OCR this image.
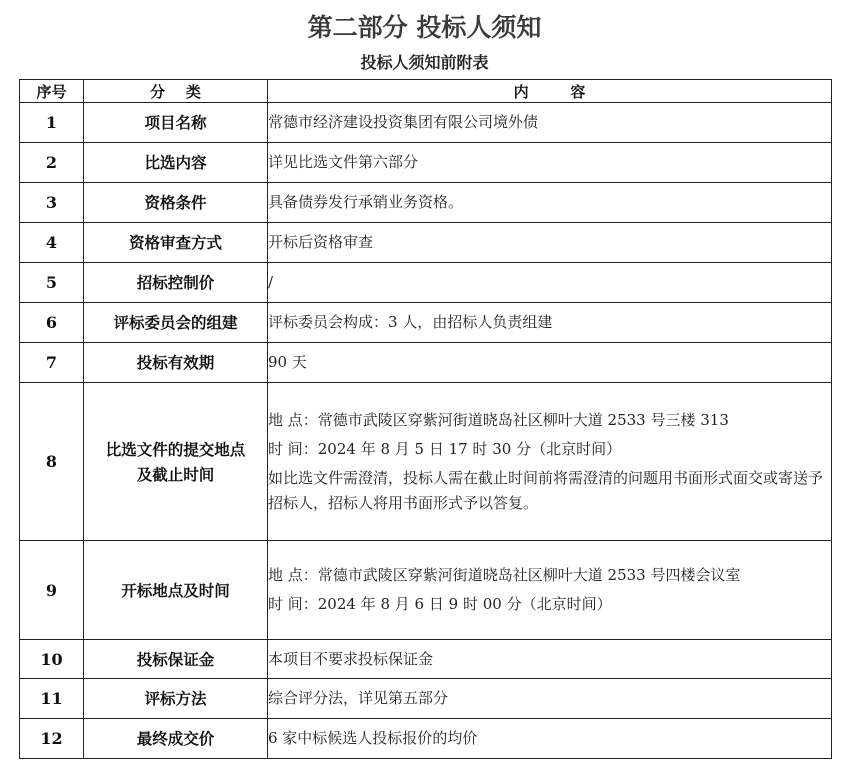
第二部分 投标人须知
投标人须知前附表
序号	分    类	内        容
1	项目名称	常德市经济建设投资集团有限公司境外债

2	比选内容	详见比选文件第六部分

3	资格条件	具备债券发行承销业务资格。

4	资格审查方式	开标后资格审查

5	招标控制价	/

6	评标委员会的组建	评标委员会构成：3 人，由招标人负责组建

7	投标有效期	90 天

8	比选文件的提交地点及截止时间	地 点：常德市武陵区穿紫河街道晓岛社区柳叶大道 2533 号三楼 313
时 间：2024 年 8 月 5 日 17 时 30 分（北京时间）
如比选文件需澄清，投标人需在截止时间前将需澄清的问题用书面形式面交或寄送予招标人，招标人将用书面形式予以答复。

9	开标地点及时间	地 点：常德市武陵区穿紫河街道晓岛社区柳叶大道 2533 号四楼会议室
时 间：2024 年 8 月 6 日 9 时 00 分（北京时间）

10	投标保证金	本项目不要求投标保证金

11	评标方法	综合评分法，详见第五部分

12	最终成交价	6 家中标候选人投标报价的均价
